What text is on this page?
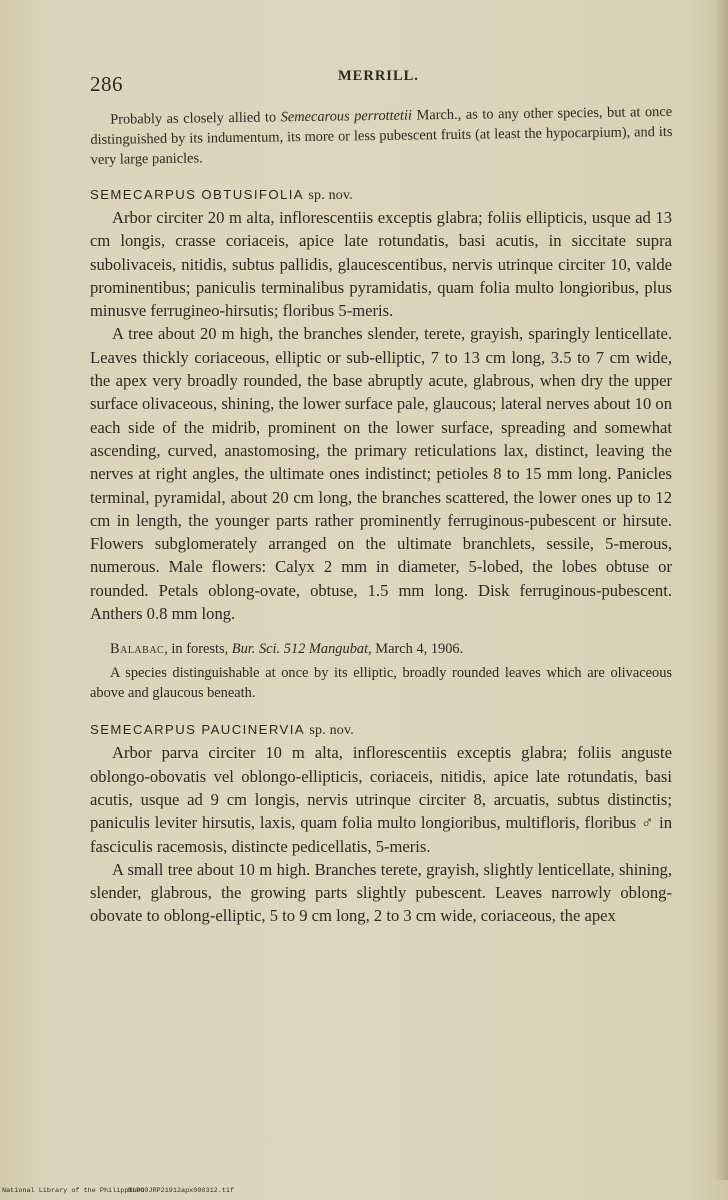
286	MERRILL.

Probably as closely allied to Semecarous perrottetii March., as to any other species, but at once distinguished by its indumentum, its more or less pubescent fruits (at least the hypocarpium), and its very large panicles.

SEMECARPUS OBTUSIFOLIA sp. nov.

Arbor circiter 20 m alta, inflorescentiis exceptis glabra; foliis ellipticis, usque ad 13 cm longis, crasse coriaceis, apice late rotundatis, basi acutis, in siccitate supra subolivaceis, nitidis, subtus pallidis, glaucescentibus, nervis utrinque circiter 10, valde prominentibus; paniculis terminalibus pyramidatis, quam folia multo longioribus, plus minusve ferrugineo-hirsutis; floribus 5-meris.

A tree about 20 m high, the branches slender, terete, grayish, sparingly lenticellate. Leaves thickly coriaceous, elliptic or sub-elliptic, 7 to 13 cm long, 3.5 to 7 cm wide, the apex very broadly rounded, the base abruptly acute, glabrous, when dry the upper surface olivaceous, shining, the lower surface pale, glaucous; lateral nerves about 10 on each side of the midrib, prominent on the lower surface, spreading and somewhat ascending, curved, anastomosing, the primary reticulations lax, distinct, leaving the nerves at right angles, the ultimate ones indistinct; petioles 8 to 15 mm long. Panicles terminal, pyramidal, about 20 cm long, the branches scattered, the lower ones up to 12 cm in length, the younger parts rather prominently ferruginous-pubescent or hirsute. Flowers subglomerately arranged on the ultimate branchlets, sessile, 5-merous, numerous. Male flowers: Calyx 2 mm in diameter, 5-lobed, the lobes obtuse or rounded. Petals oblong-ovate, obtuse, 1.5 mm long. Disk ferruginous-pubescent. Anthers 0.8 mm long.

Balabac, in forests, Bur. Sci. 512 Mangubat, March 4, 1906.

A species distinguishable at once by its elliptic, broadly rounded leaves which are olivaceous above and glaucous beneath.

SEMECARPUS PAUCINERVIA sp. nov.

Arbor parva circiter 10 m alta, inflorescentiis exceptis glabra; foliis anguste oblongo-obovatis vel oblongo-ellipticis, coriaceis, nitidis, apice late rotundatis, basi acutis, usque ad 9 cm longis, nervis utrinque circiter 8, arcuatis, subtus distinctis; paniculis leviter hirsutis, laxis, quam folia multo longioribus, multifloris, floribus ♂ in fasciculis racemosis, distincte pedicellatis, 5-meris.

A small tree about 10 m high. Branches terete, grayish, slightly lenticellate, shining, slender, glabrous, the growing parts slightly pubescent. Leaves narrowly oblong-obovate to oblong-elliptic, 5 to 9 cm long, 2 to 3 cm wide, coriaceous, the apex

National Library of the Philippines
MLPO0JRP21912apx000312.tif
